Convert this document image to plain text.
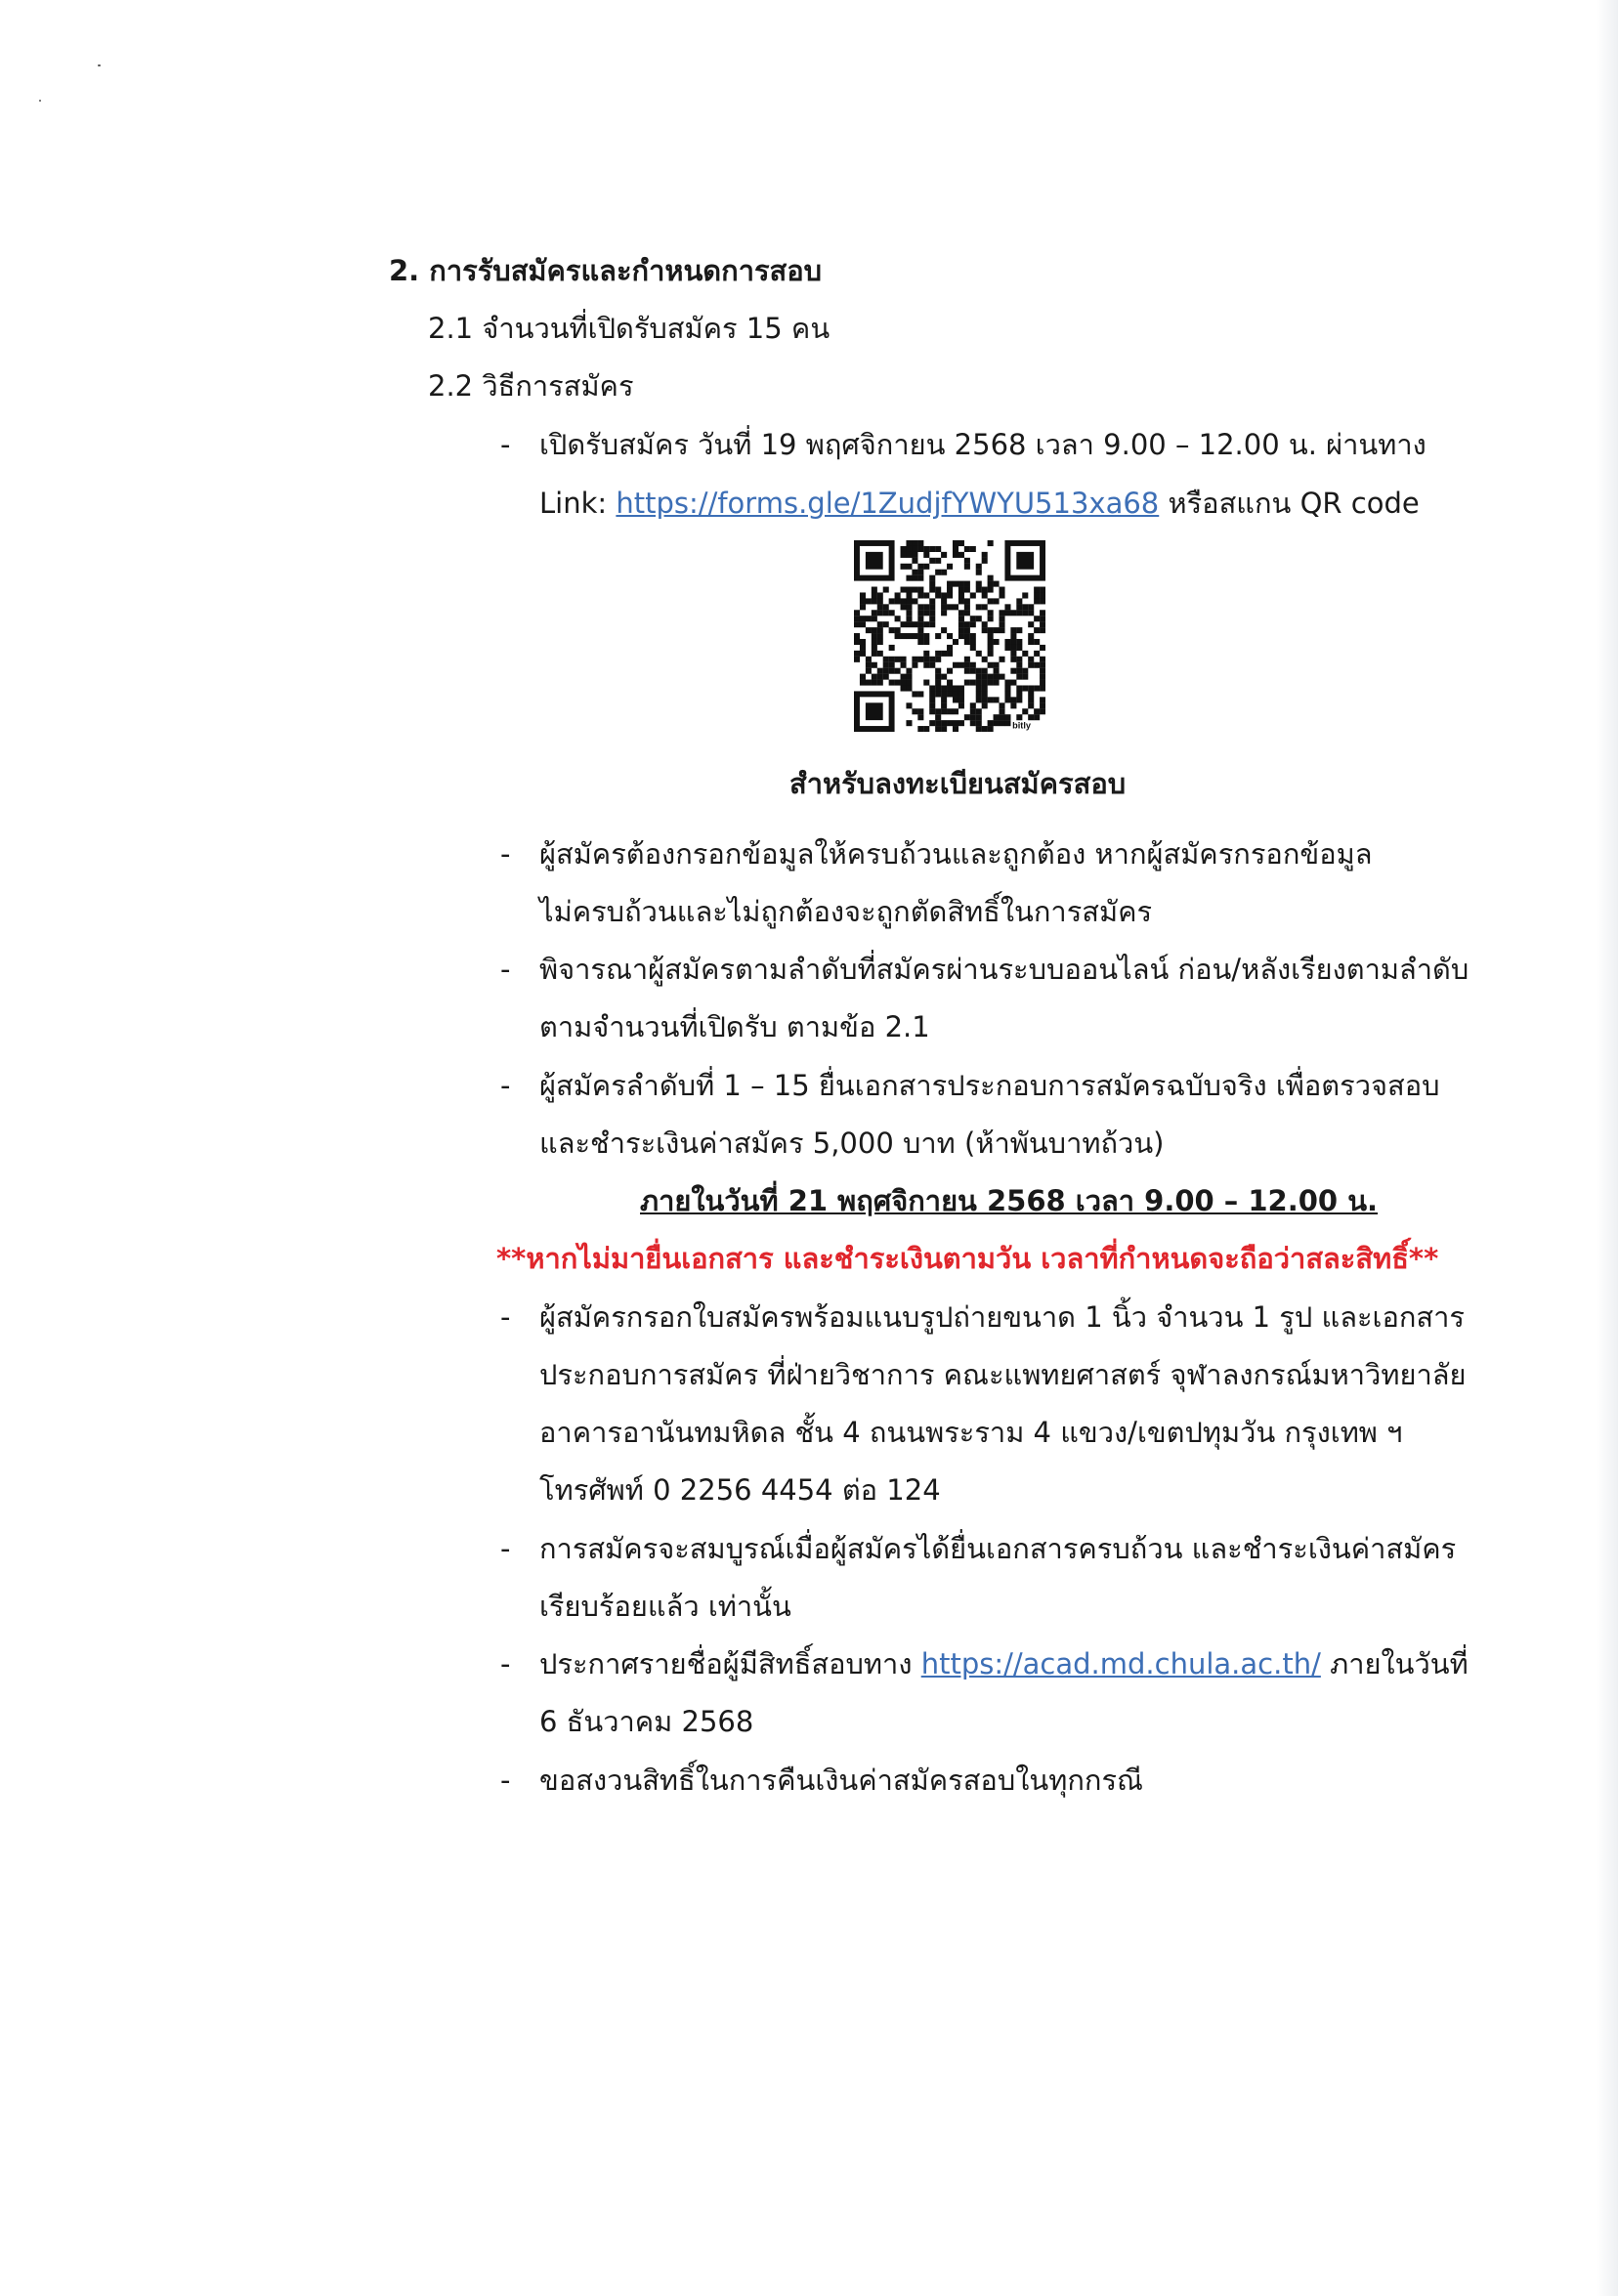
2. การรับสมัครและกำหนดการสอบ
2.1 จำนวนที่เปิดรับสมัคร 15 คน
2.2 วิธีการสมัคร
- เปิดรับสมัคร วันที่ 19 พฤศจิกายน 2568 เวลา 9.00 – 12.00 น. ผ่านทาง
Link: https://forms.gle/1ZudjfYWYU513xa68 หรือสแกน QR code
bitly
สำหรับลงทะเบียนสมัครสอบ
- ผู้สมัครต้องกรอกข้อมูลให้ครบถ้วนและถูกต้อง หากผู้สมัครกรอกข้อมูล
ไม่ครบถ้วนและไม่ถูกต้องจะถูกตัดสิทธิ์ในการสมัคร
- พิจารณาผู้สมัครตามลำดับที่สมัครผ่านระบบออนไลน์ ก่อน/หลังเรียงตามลำดับ
ตามจำนวนที่เปิดรับ ตามข้อ 2.1
- ผู้สมัครลำดับที่ 1 – 15 ยื่นเอกสารประกอบการสมัครฉบับจริง เพื่อตรวจสอบ
และชำระเงินค่าสมัคร 5,000 บาท (ห้าพันบาทถ้วน)
ภายในวันที่ 21 พฤศจิกายน 2568 เวลา 9.00 – 12.00 น.
**หากไม่มายื่นเอกสาร และชำระเงินตามวัน เวลาที่กำหนดจะถือว่าสละสิทธิ์**
- ผู้สมัครกรอกใบสมัครพร้อมแนบรูปถ่ายขนาด 1 นิ้ว จำนวน 1 รูป และเอกสาร
ประกอบการสมัคร ที่ฝ่ายวิชาการ คณะแพทยศาสตร์ จุฬาลงกรณ์มหาวิทยาลัย
อาคารอานันทมหิดล ชั้น 4 ถนนพระราม 4 แขวง/เขตปทุมวัน กรุงเทพ ฯ
โทรศัพท์ 0 2256 4454 ต่อ 124
- การสมัครจะสมบูรณ์เมื่อผู้สมัครได้ยื่นเอกสารครบถ้วน และชำระเงินค่าสมัคร
เรียบร้อยแล้ว เท่านั้น
- ประกาศรายชื่อผู้มีสิทธิ์สอบทาง https://acad.md.chula.ac.th/ ภายในวันที่
6 ธันวาคม 2568
- ขอสงวนสิทธิ์ในการคืนเงินค่าสมัครสอบในทุกกรณี
